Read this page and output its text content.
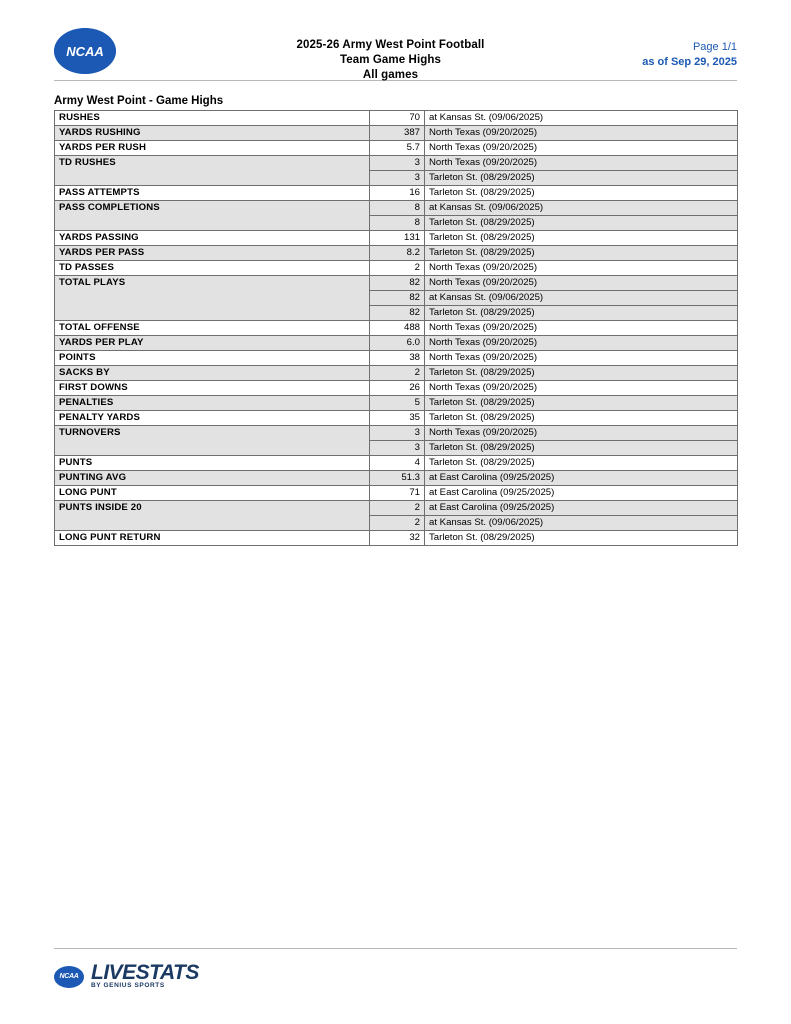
NCAA	2025-26 Army West Point Football
Team Game Highs
All games
Page 1/1
as of Sep 29, 2025
Army West Point - Game Highs
RUSHES	70	at Kansas St. (09/06/2025)
YARDS RUSHING	387	North Texas (09/20/2025)
YARDS PER RUSH	5.7	North Texas (09/20/2025)
TD RUSHES	3	North Texas (09/20/2025)
	3	Tarleton St. (08/29/2025)
PASS ATTEMPTS	16	Tarleton St. (08/29/2025)
PASS COMPLETIONS	8	at Kansas St. (09/06/2025)
	8	Tarleton St. (08/29/2025)
YARDS PASSING	131	Tarleton St. (08/29/2025)
YARDS PER PASS	8.2	Tarleton St. (08/29/2025)
TD PASSES	2	North Texas (09/20/2025)
TOTAL PLAYS	82	North Texas (09/20/2025)
	82	at Kansas St. (09/06/2025)
	82	Tarleton St. (08/29/2025)
TOTAL OFFENSE	488	North Texas (09/20/2025)
YARDS PER PLAY	6.0	North Texas (09/20/2025)
POINTS	38	North Texas (09/20/2025)
SACKS BY	2	Tarleton St. (08/29/2025)
FIRST DOWNS	26	North Texas (09/20/2025)
PENALTIES	5	Tarleton St. (08/29/2025)
PENALTY YARDS	35	Tarleton St. (08/29/2025)
TURNOVERS	3	North Texas (09/20/2025)
	3	Tarleton St. (08/29/2025)
PUNTS	4	Tarleton St. (08/29/2025)
PUNTING AVG	51.3	at East Carolina (09/25/2025)
LONG PUNT	71	at East Carolina (09/25/2025)
PUNTS INSIDE 20	2	at East Carolina (09/25/2025)
	2	at Kansas St. (09/06/2025)
LONG PUNT RETURN	32	Tarleton St. (08/29/2025)
NCAA LIVESTATS
BY GENIUS SPORTS
